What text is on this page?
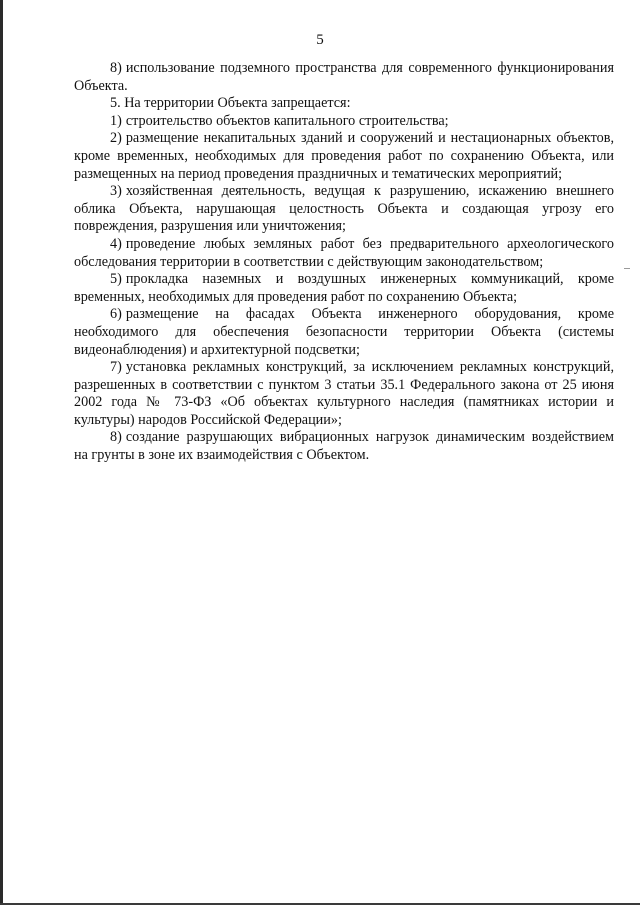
5

8) использование подземного пространства для современного функционирования Объекта.

5. На территории Объекта запрещается:

1) строительство объектов капитального строительства;

2) размещение некапитальных зданий и сооружений и нестационарных объектов, кроме временных, необходимых для проведения работ по сохранению Объекта, или размещенных на период проведения праздничных и тематических мероприятий;

3) хозяйственная деятельность, ведущая к разрушению, искажению внешнего облика Объекта, нарушающая целостность Объекта и создающая угрозу его повреждения, разрушения или уничтожения;

4) проведение любых земляных работ без предварительного археологического обследования территории в соответствии с действующим законодательством;

5) прокладка наземных и воздушных инженерных коммуникаций, кроме временных, необходимых для проведения работ по сохранению Объекта;

6) размещение на фасадах Объекта инженерного оборудования, кроме необходимого для обеспечения безопасности территории Объекта (системы видеонаблюдения) и архитектурной подсветки;

7) установка рекламных конструкций, за исключением рекламных конструкций, разрешенных в соответствии с пунктом 3 статьи 35.1 Федерального закона от 25 июня 2002 года № 73-ФЗ «Об объектах культурного наследия (памятниках истории и культуры) народов Российской Федерации»;

8) создание разрушающих вибрационных нагрузок динамическим воздействием на грунты в зоне их взаимодействия с Объектом.
